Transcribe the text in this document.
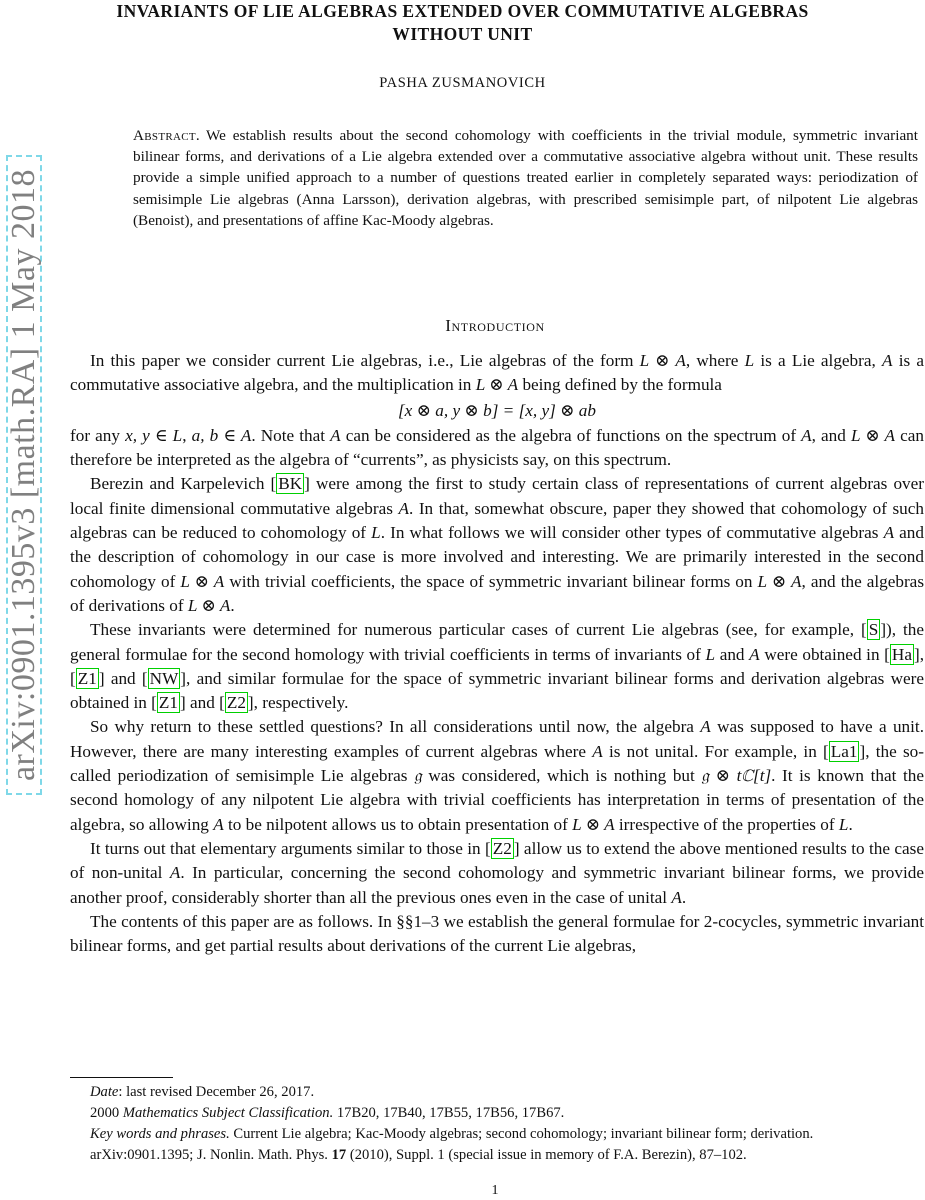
arXiv:0901.1395v3 [math.RA] 1 May 2018
INVARIANTS OF LIE ALGEBRAS EXTENDED OVER COMMUTATIVE ALGEBRAS
WITHOUT UNIT
PASHA ZUSMANOVICH
Abstract. We establish results about the second cohomology with coefficients in the trivial module, symmetric invariant bilinear forms, and derivations of a Lie algebra extended over a commutative associative algebra without unit. These results provide a simple unified approach to a number of questions treated earlier in completely separated ways: periodization of semisimple Lie algebras (Anna Larsson), derivation algebras, with prescribed semisimple part, of nilpotent Lie algebras (Benoist), and presentations of affine Kac-Moody algebras.
Introduction

In this paper we consider current Lie algebras, i.e., Lie algebras of the form L ⊗ A, where L is a Lie algebra, A is a commutative associative algebra, and the multiplication in L ⊗ A being defined by the formula

[x ⊗ a, y ⊗ b] = [x, y] ⊗ ab

for any x, y ∈ L, a, b ∈ A. Note that A can be considered as the algebra of functions on the spectrum of A, and L ⊗ A can therefore be interpreted as the algebra of “currents”, as physicists say, on this spectrum.

Berezin and Karpelevich [ BK ] were among the first to study certain class of representations of current algebras over local finite dimensional commutative algebras A. In that, somewhat obscure, paper they showed that cohomology of such algebras can be reduced to cohomology of L. In what follows we will consider other types of commutative algebras A and the description of cohomology in our case is more involved and interesting. We are primarily interested in the second cohomology of L ⊗ A with trivial coefficients, the space of symmetric invariant bilinear forms on L ⊗ A, and the algebras of derivations of L ⊗ A.

These invariants were determined for numerous particular cases of current Lie algebras (see, for example, [ S ]), the general formulae for the second homology with trivial coefficients in terms of invariants of L and A were obtained in [ Ha ], [ Z1 ] and [ NW ], and similar formulae for the space of symmetric invariant bilinear forms and derivation algebras were obtained in [ Z1 ] and [ Z2 ], respectively.

So why return to these settled questions? In all considerations until now, the algebra A was supposed to have a unit. However, there are many interesting examples of current algebras where A is not unital. For example, in [ La1 ], the so-called periodization of semisimple Lie algebras 𝔤 was considered, which is nothing but 𝔤 ⊗ tℂ[t]. It is known that the second homology of any nilpotent Lie algebra with trivial coefficients has interpretation in terms of presentation of the algebra, so allowing A to be nilpotent allows us to obtain presentation of L ⊗ A irrespective of the properties of L.

It turns out that elementary arguments similar to those in [ Z2 ] allow us to extend the above mentioned results to the case of non-unital A. In particular, concerning the second cohomology and symmetric invariant bilinear forms, we provide another proof, considerably shorter than all the previous ones even in the case of unital A.

The contents of this paper are as follows. In §§1–3 we establish the general formulae for 2-cocycles, symmetric invariant bilinear forms, and get partial results about derivations of the current Lie algebras,

Date: last revised December 26, 2017.

2000 Mathematics Subject Classification. 17B20, 17B40, 17B55, 17B56, 17B67.

Key words and phrases. Current Lie algebra; Kac-Moody algebras; second cohomology; invariant bilinear form; derivation.

arXiv:0901.1395; J. Nonlin. Math. Phys. 17 (2010), Suppl. 1 (special issue in memory of F.A. Berezin), 87–102.

1
